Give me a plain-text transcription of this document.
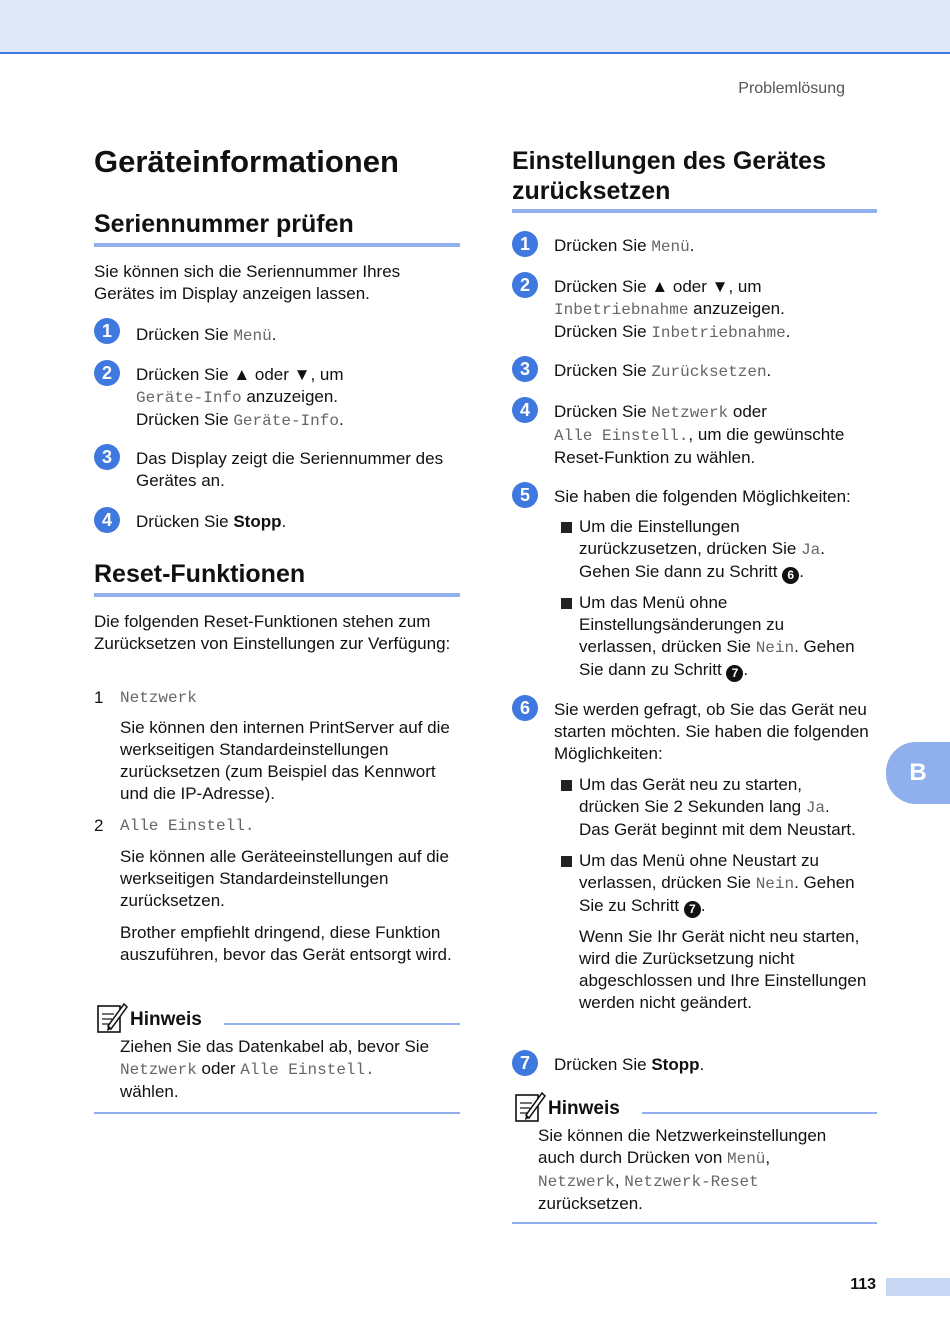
Problemlösung
Geräteinformationen
Seriennummer prüfen
Sie können sich die Seriennummer Ihres Gerätes im Display anzeigen lassen.
1	Drücken Sie Menü.
2	Drücken Sie ▲ oder ▼, um
Geräte-Info anzuzeigen.
Drücken Sie Geräte-Info.
3	Das Display zeigt die Seriennummer des Gerätes an.
4	Drücken Sie Stopp.
Reset-Funktionen
Die folgenden Reset-Funktionen stehen zum Zurücksetzen von Einstellungen zur Verfügung:
1 Netzwerk
Sie können den internen PrintServer auf die werkseitigen Standardeinstellungen zurücksetzen (zum Beispiel das Kennwort und die IP-Adresse).
2 Alle Einstell.
Sie können alle Geräteeinstellungen auf die werkseitigen Standardeinstellungen zurücksetzen.
Brother empfiehlt dringend, diese Funktion auszuführen, bevor das Gerät entsorgt wird.
Hinweis
Ziehen Sie das Datenkabel ab, bevor Sie
Netzwerk oder Alle Einstell.
wählen.
Einstellungen des Gerätes zurücksetzen
1	Drücken Sie Menü.
2	Drücken Sie ▲ oder ▼, um
Inbetriebnahme anzuzeigen.
Drücken Sie Inbetriebnahme.
3	Drücken Sie Zurücksetzen.
4	Drücken Sie Netzwerk oder
Alle Einstell., um die gewünschte Reset-Funktion zu wählen.
5	Sie haben die folgenden Möglichkeiten:
Um die Einstellungen
zurückzusetzen, drücken Sie Ja.
Gehen Sie dann zu Schritt 6 .
Um das Menü ohne
Einstellungsänderungen zu
verlassen, drücken Sie Nein. Gehen
Sie dann zu Schritt 7 .
6	Sie werden gefragt, ob Sie das Gerät neu starten möchten. Sie haben die folgenden Möglichkeiten:
Um das Gerät neu zu starten,
drücken Sie 2 Sekunden lang Ja.
Das Gerät beginnt mit dem Neustart.
Um das Menü ohne Neustart zu
verlassen, drücken Sie Nein. Gehen
Sie zu Schritt 7 .
Wenn Sie Ihr Gerät nicht neu starten, wird die Zurücksetzung nicht abgeschlossen und Ihre Einstellungen werden nicht geändert.
7	Drücken Sie Stopp.
Hinweis
Sie können die Netzwerkeinstellungen
auch durch Drücken von Menü,
Netzwerk, Netzwerk-Reset
zurücksetzen.
B
113
